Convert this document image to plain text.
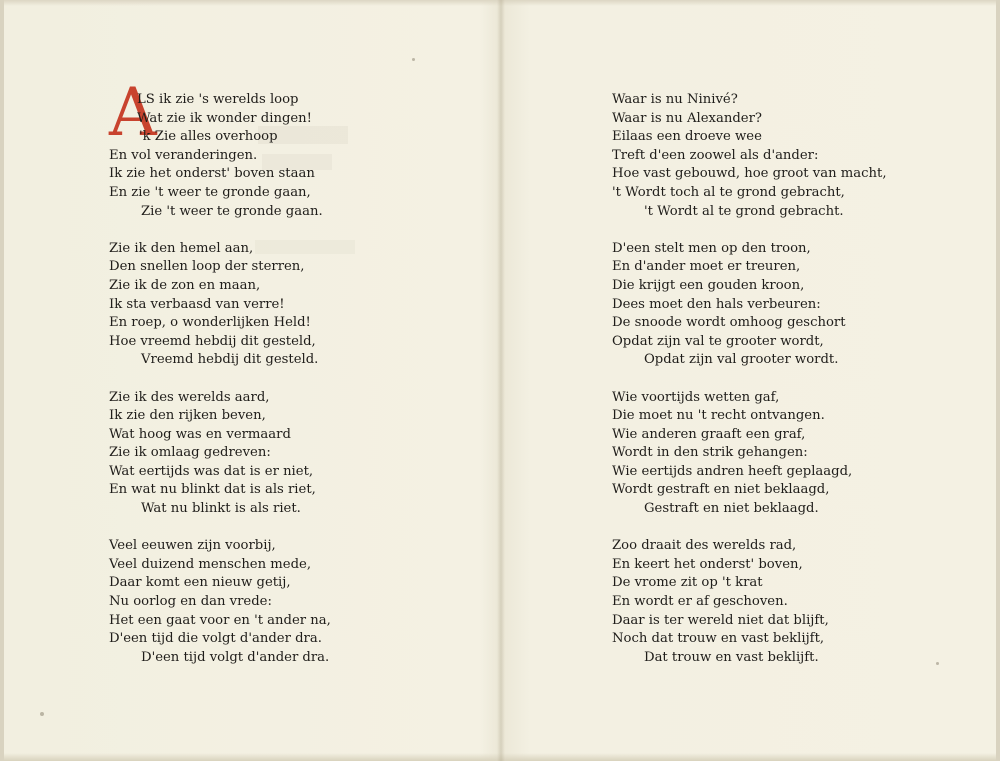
A
LS ik zie 's werelds loop
Wat zie ik wonder dingen!
'k Zie alles overhoop
En vol veranderingen.
Ik zie het onderst' boven staan
En zie 't weer te gronde gaan,
Zie 't weer te gronde gaan.
Zie ik den hemel aan,
Den snellen loop der sterren,
Zie ik de zon en maan,
Ik sta verbaasd van verre!
En roep, o wonderlijken Held!
Hoe vreemd hebdij dit gesteld,
Vreemd hebdij dit gesteld.
Zie ik des werelds aard,
Ik zie den rijken beven,
Wat hoog was en vermaard
Zie ik omlaag gedreven:
Wat eertijds was dat is er niet,
En wat nu blinkt dat is als riet,
Wat nu blinkt is als riet.
Veel eeuwen zijn voorbij,
Veel duizend menschen mede,
Daar komt een nieuw getij,
Nu oorlog en dan vrede:
Het een gaat voor en 't ander na,
D'een tijd die volgt d'ander dra.
D'een tijd volgt d'ander dra.
Waar is nu Ninivé?
Waar is nu Alexander?
Eilaas een droeve wee
Treft d'een zoowel als d'ander:
Hoe vast gebouwd, hoe groot van macht,
't Wordt toch al te grond gebracht,
't Wordt al te grond gebracht.
D'een stelt men op den troon,
En d'ander moet er treuren,
Die krijgt een gouden kroon,
Dees moet den hals verbeuren:
De snoode wordt omhoog geschort
Opdat zijn val te grooter wordt,
Opdat zijn val grooter wordt.
Wie voortijds wetten gaf,
Die moet nu 't recht ontvangen.
Wie anderen graaft een graf,
Wordt in den strik gehangen:
Wie eertijds andren heeft geplaagd,
Wordt gestraft en niet beklaagd,
Gestraft en niet beklaagd.
Zoo draait des werelds rad,
En keert het onderst' boven,
De vrome zit op 't krat
En wordt er af geschoven.
Daar is ter wereld niet dat blijft,
Noch dat trouw en vast beklijft,
Dat trouw en vast beklijft.
